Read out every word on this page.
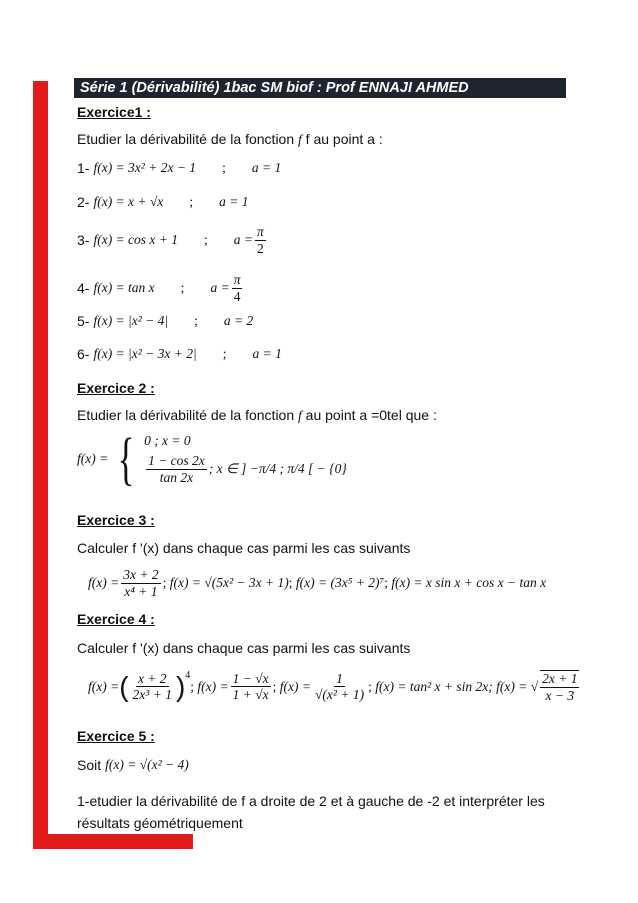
Série 1 (Dérivabilité) 1bac SM biof : Prof ENNAJI AHMED
Exercice1 :
Etudier la dérivabilité de la fonction f f au point a :
1- f(x) = 3x² + 2x − 1 ; a = 1
2- f(x) = x + √x ; a = 1
3- f(x) = cos x + 1 ; $a = \frac{\pi}{2}$
4- f(x) = tan x ; $a = \frac{\pi}{4}$
5- f(x) = |x² − 4| ; a = 2
6- f(x) = |x² − 3x + 2| ; a = 1
Exercice 2 :
Etudier la dérivabilité de la fonction f au point a =0tel que :
f(x) = { 0 ; x = 0
$\frac{1 - \cos 2x}{\tan 2x}$ ; x ∈ ] −π/4 ; π/4 [ − {0}
Exercice 3 :
Calculer f '(x) dans chaque cas parmi les cas suivants
$f(x) = \frac{3x + 2}{\text{x⁴ + 1}}$ ; f(x) = √(5x² − 3x + 1) ; f(x) = (3x⁵ + 2)⁷ ; f(x) = x sin x + cos x − tan x
Exercice 4 :
Calculer f '(x) dans chaque cas parmi les cas suivants
f(x) = ( $\frac{x + 2}{\text{2x³ + 1}} )^4$
; $f(x) = \frac{1 - √x}{1 + √x}$ ; $f(x) = \frac{1}{\text{√(x² + 1)}}$ ; f(x) = tan² x + sin 2x;
f(x) = √ $\frac{2x + 1}{x - 3}$
Exercice 5 :
Soit f(x) = √(x² − 4)
1-etudier la dérivabilité de f a droite de 2 et à gauche de -2 et interpréter les résultats géométriquement
